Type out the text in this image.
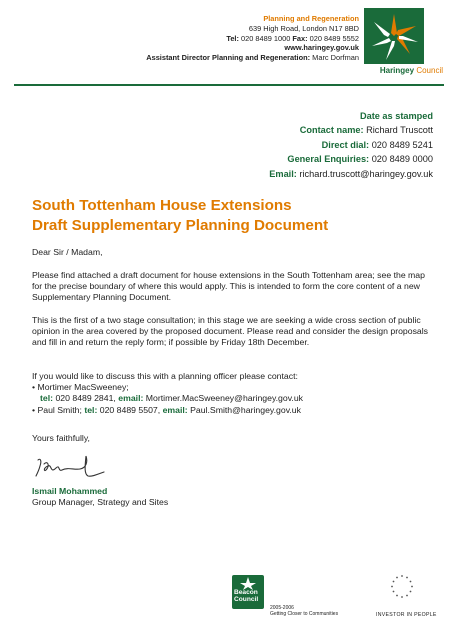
Planning and Regeneration
639 High Road, London N17 8BD
Tel: 020 8489 1000 Fax: 020 8489 5552
www.haringey.gov.uk
Assistant Director Planning and Regeneration: Marc Dorfman
Haringey Council
Date as stamped
Contact name: Richard Truscott
Direct dial: 020 8489 5241
General Enquiries: 020 8489 0000
Email: richard.truscott@haringey.gov.uk
South Tottenham House Extensions
Draft Supplementary Planning Document
Dear Sir / Madam,
Please find attached a draft document for house extensions in the South Tottenham area; see the map for the precise boundary of where this would apply. This is intended to form the core content of a new Supplementary Planning Document.
This is the first of a two stage consultation; in this stage we are seeking a wide cross section of public opinion in the area covered by the proposed document. Please read and consider the design proposals and fill in and return the reply form; if possible by Friday 18th December.
If you would like to discuss this with a planning officer please contact:
• Mortimer MacSweeney;
tel: 020 8489 2841, email: Mortimer.MacSweeney@haringey.gov.uk
• Paul Smith; tel: 020 8489 5507, email: Paul.Smith@haringey.gov.uk
Yours faithfully,
Ismail Mohammed
Group Manager, Strategy and Sites
Beacon
Council
2005-2006
Getting Closer to Communities	INVESTOR IN PEOPLE
